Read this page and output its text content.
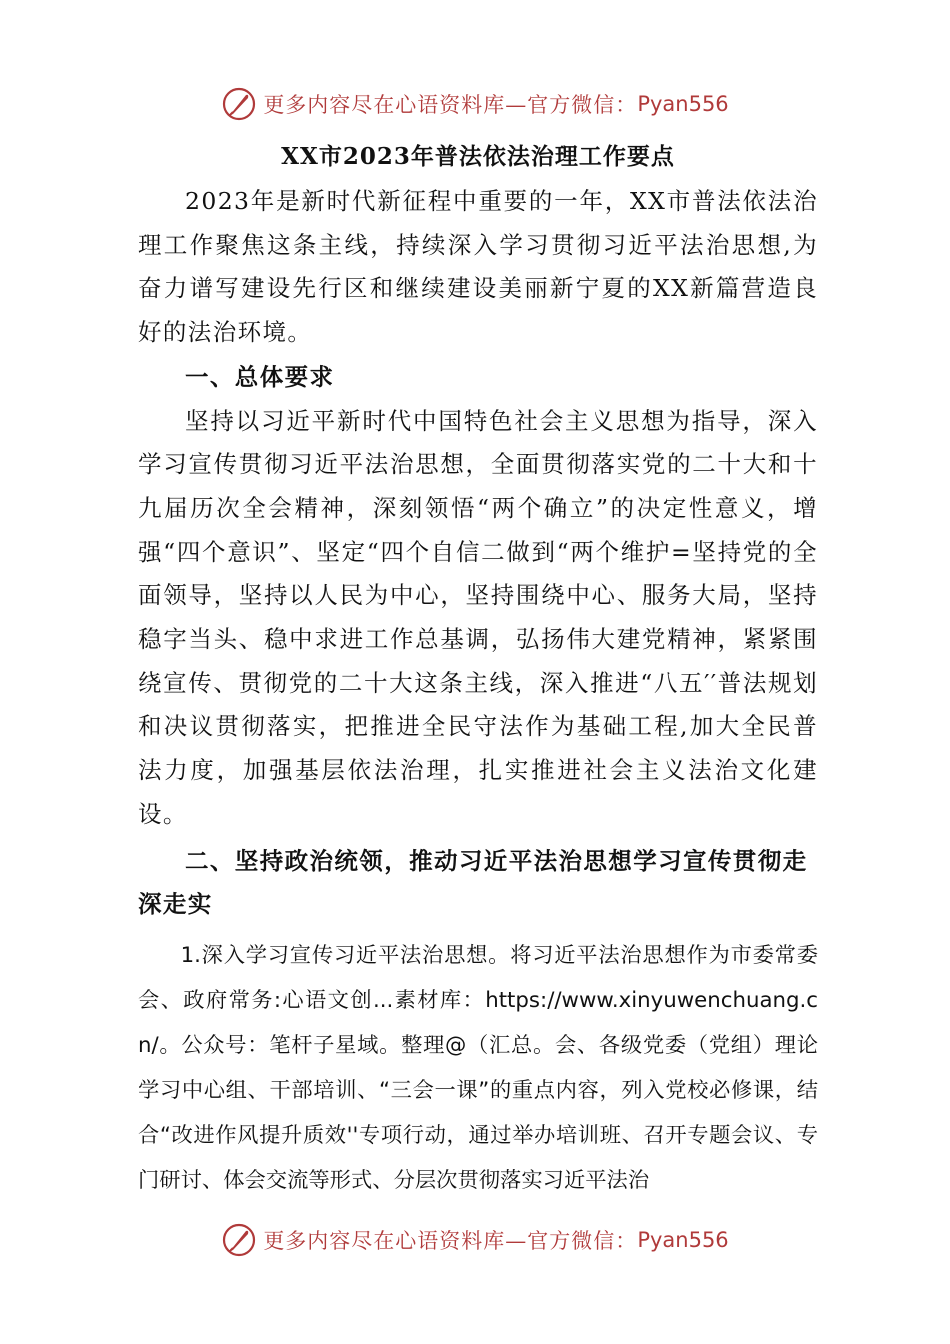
更多内容尽在心语资料库—官方微信： Pyan556
XX市2023年普法依法治理工作要点

2023年是新时代新征程中重要的一年，XX市普法依法治理工作聚焦这条主线，持续深入学习贯彻习近平法治思想,为奋力谱写建设先行区和继续建设美丽新宁夏的XX新篇营造良好的法治环境。

一、总体要求

坚持以习近平新时代中国特色社会主义思想为指导，深入学习宣传贯彻习近平法治思想，全面贯彻落实党的二十大和十九届历次全会精神，深刻领悟“两个确立”的决定性意义，增强“四个意识”、坚定“四个自信二做到“两个维护=坚持党的全面领导，坚持以人民为中心，坚持围绕中心、服务大局，坚持稳字当头、稳中求进工作总基调，弘扬伟大建党精神，紧紧围绕宣传、贯彻党的二十大这条主线，深入推进“八五′′普法规划和决议贯彻落实，把推进全民守法作为基础工程,加大全民普法力度，加强基层依法治理，扎实推进社会主义法治文化建设。

二、坚持政治统领，推动习近平法治思想学习宣传贯彻走深走实

1.深入学习宣传习近平法治思想。将习近平法治思想作为市委常委会、政府常务:心语文创...素材库：https://www.xinyuwenchuang.cn/。公众号：笔杆子星域。整理@（汇总。会、各级党委（党组）理论学习中心组、干部培训、“三会一课”的重点内容，列入党校必修课，结合“改进作风提升质效''专项行动，通过举办培训班、召开专题会议、专门研讨、体会交流等形式、分层次贯彻落实习近平法治

更多内容尽在心语资料库—官方微信： Pyan556
